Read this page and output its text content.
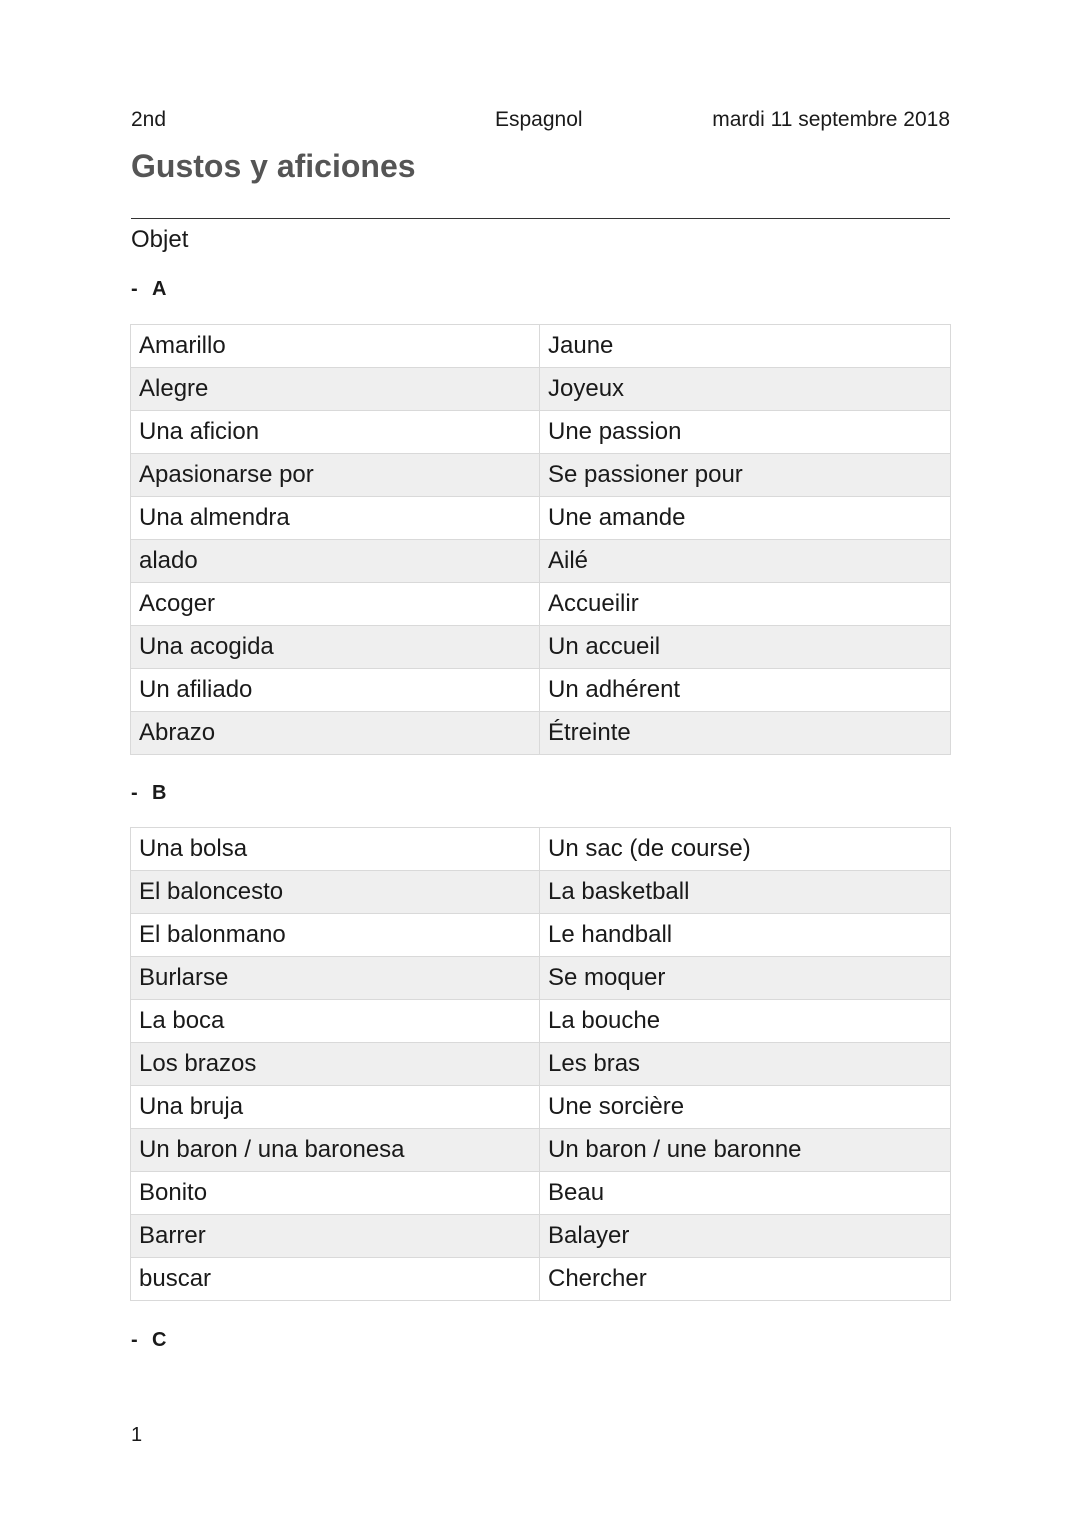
2nd	Espagnol	mardi 11 septembre 2018
Gustos y aficiones
Objet
- A
Amarillo	Jaune
Alegre	Joyeux
Una aficion	Une passion
Apasionarse por	Se passioner pour
Una almendra	Une amande
alado	Ailé
Acoger	Accueilir
Una acogida	Un accueil
Un afiliado	Un adhérent
Abrazo	Étreinte
- B
Una bolsa	Un sac (de course)
El baloncesto	La basketball
El balonmano	Le handball
Burlarse	Se moquer
La boca	La bouche
Los brazos	Les bras
Una bruja	Une sorcière
Un baron / una baronesa	Un baron / une baronne
Bonito	Beau
Barrer	Balayer
buscar	Chercher
- C
1
